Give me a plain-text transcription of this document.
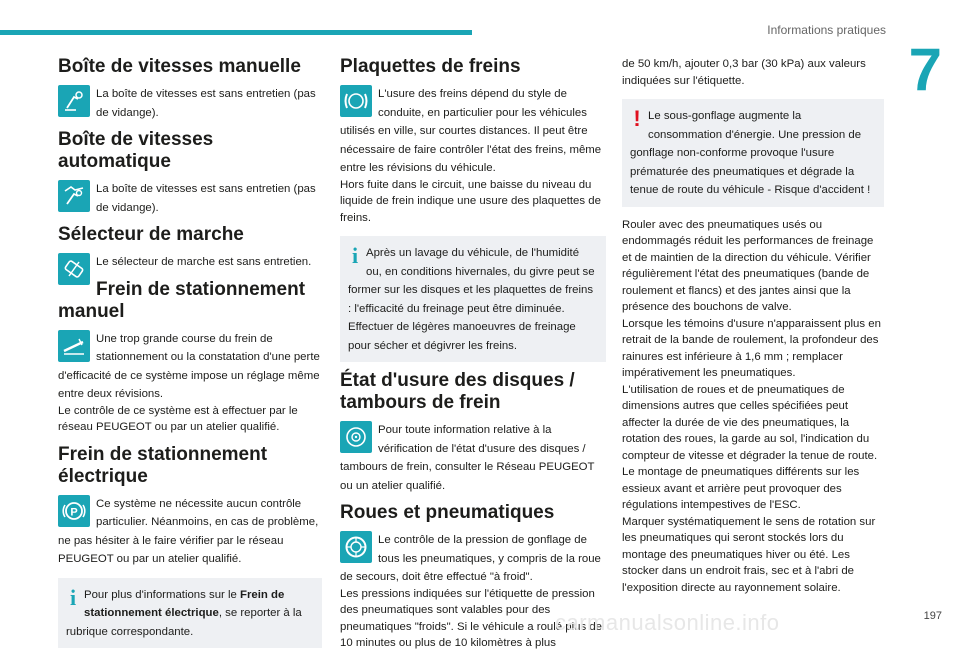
Informations pratiques
7
Boîte de vitesses manuelle
La boîte de vitesses est sans entretien (pas de vidange).
Boîte de vitesses automatique
La boîte de vitesses est sans entretien (pas de vidange).
Sélecteur de marche
Le sélecteur de marche est sans entretien.
Frein de stationnement manuel
Une trop grande course du frein de stationnement ou la constatation d'une perte d'efficacité de ce système impose un réglage même entre deux révisions.
Le contrôle de ce système est à effectuer par le réseau PEUGEOT ou par un atelier qualifié.
Frein de stationnement électrique
P
Ce système ne nécessite aucun contrôle particulier. Néanmoins, en cas de problème, ne pas hésiter à le faire vérifier par le réseau PEUGEOT ou par un atelier qualifié.
i Pour plus d'informations sur le Frein de stationnement électrique, se reporter à la rubrique correspondante.
Plaquettes de freins
L'usure des freins dépend du style de conduite, en particulier pour les véhicules utilisés en ville, sur courtes distances. Il peut être nécessaire de faire contrôler l'état des freins, même entre les révisions du véhicule.
Hors fuite dans le circuit, une baisse du niveau du liquide de frein indique une usure des plaquettes de freins.
i Après un lavage du véhicule, de l'humidité ou, en conditions hivernales, du givre peut se former sur les disques et les plaquettes de freins : l'efficacité du freinage peut être diminuée. Effectuer de légères manoeuvres de freinage pour sécher et dégivrer les freins.
État d'usure des disques / tambours de frein
Pour toute information relative à la vérification de l'état d'usure des disques / tambours de frein, consulter le Réseau PEUGEOT ou un atelier qualifié.
Roues et pneumatiques
Le contrôle de la pression de gonflage de tous les pneumatiques, y compris de la roue de secours, doit être effectué "à froid".
Les pressions indiquées sur l'étiquette de pression des pneumatiques sont valables pour des pneumatiques "froids". Si le véhicule a roulé plus de 10 minutes ou plus de 10 kilomètres à plus
de 50 km/h, ajouter 0,3 bar (30 kPa) aux valeurs indiquées sur l'étiquette.
! Le sous-gonflage augmente la consommation d'énergie. Une pression de gonflage non-conforme provoque l'usure prématurée des pneumatiques et dégrade la tenue de route du véhicule - Risque d'accident !
Rouler avec des pneumatiques usés ou endommagés réduit les performances de freinage et de maintien de la direction du véhicule. Vérifier régulièrement l'état des pneumatiques (bande de roulement et flancs) et des jantes ainsi que la présence des bouchons de valve.
Lorsque les témoins d'usure n'apparaissent plus en retrait de la bande de roulement, la profondeur des rainures est inférieure à 1,6 mm ; remplacer impérativement les pneumatiques.
L'utilisation de roues et de pneumatiques de dimensions autres que celles spécifiées peut affecter la durée de vie des pneumatiques, la rotation des roues, la garde au sol, l'indication du compteur de vitesse et dégrader la tenue de route.
Le montage de pneumatiques différents sur les essieux avant et arrière peut provoquer des régulations intempestives de l'ESC.
Marquer systématiquement le sens de rotation sur les pneumatiques qui seront stockés lors du montage des pneumatiques hiver ou été. Les stocker dans un endroit frais, sec et à l'abri de l'exposition directe au rayonnement solaire.
carmanualsonline.info	197
